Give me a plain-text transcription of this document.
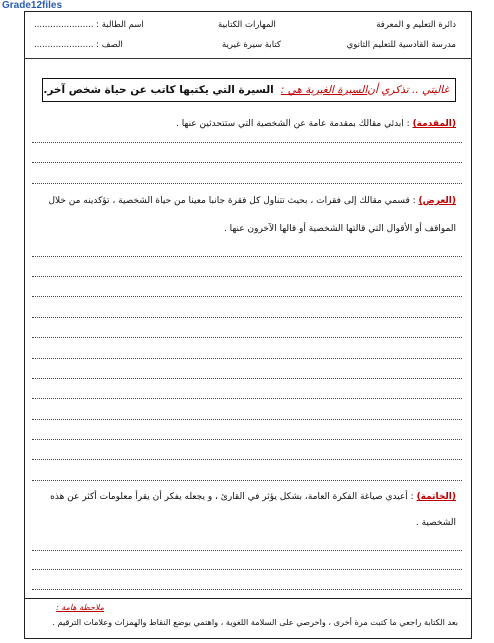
Grade12files
دائرة التعليم و المعرفة
مدرسة القادسية للتعليم الثانوي
المهارات الكتابية
كتابة سيرة غيرية
اسم الطالبة : ......................
الصف : ......................
غاليتي .. تذكري أن
السيرة الغيرية هي :
السيرة التي يكتبها كاتب عن حياة شخص آخر.
(المقدمة) : ابدئي مقالك بمقدمة عامة عن الشخصية التي ستتحدثين عنها .
(العرض) : قسمي مقالك إلى فقرات ، بحيث تتناول كل فقرة جانبا معينا من حياة الشخصية ، تؤكدينه من خلال
المواقف أو الأقوال التي قالتها الشخصية أو قالها الآخرون عنها .
(الخاتمة) : أعيدي صياغة الفكرة العامة، بشكل يؤثر في القارئ ، و يجعله يفكر أن يقرأ معلومات أكثر عن هذه
الشخصية .
ملاحظة هامة :
بعد الكتابة راجعي ما كتبت مرة أخرى ، واحرصي على السلامة اللغوية ، واهتمي بوضع النقاط والهمزات وعلامات الترقيم .
